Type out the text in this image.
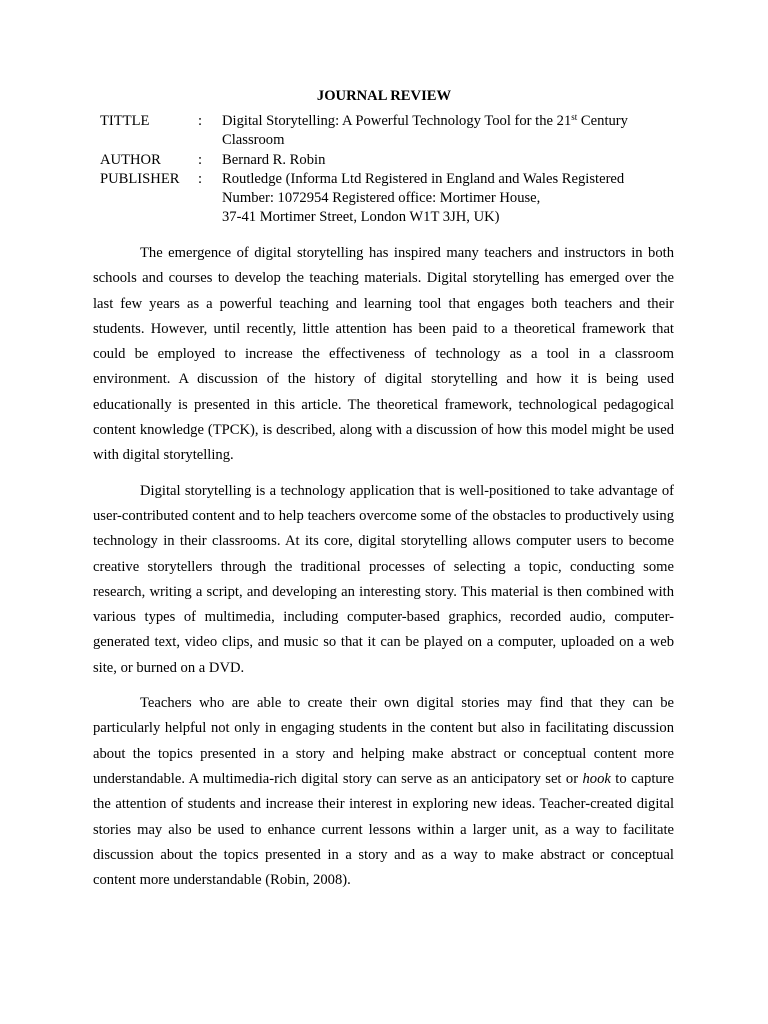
JOURNAL REVIEW
TITTLE	:	Digital Storytelling: A Powerful Technology Tool for the 21st Century Classroom
AUTHOR	:	Bernard R. Robin
PUBLISHER	:	Routledge (Informa Ltd Registered in England and Wales Registered Number: 1072954 Registered office: Mortimer House,
37-41 Mortimer Street, London W1T 3JH, UK)

The emergence of digital storytelling has inspired many teachers and instructors in both schools and courses to develop the teaching materials. Digital storytelling has emerged over the last few years as a powerful teaching and learning tool that engages both teachers and their students. However, until recently, little attention has been paid to a theoretical framework that could be employed to increase the effectiveness of technology as a tool in a classroom environment. A discussion of the history of digital storytelling and how it is being used educationally is presented in this article. The theoretical framework, technological pedagogical content knowledge (TPCK), is described, along with a discussion of how this model might be used with digital storytelling.

Digital storytelling is a technology application that is well-positioned to take advantage of user-contributed content and to help teachers overcome some of the obstacles to productively using technology in their classrooms. At its core, digital storytelling allows computer users to become creative storytellers through the traditional processes of selecting a topic, conducting some research, writing a script, and developing an interesting story. This material is then combined with various types of multimedia, including computer-based graphics, recorded audio, computer-generated text, video clips, and music so that it can be played on a computer, uploaded on a web site, or burned on a DVD.

Teachers who are able to create their own digital stories may find that they can be particularly helpful not only in engaging students in the content but also in facilitating discussion about the topics presented in a story and helping make abstract or conceptual content more understandable. A multimedia-rich digital story can serve as an anticipatory set or hook to capture the attention of students and increase their interest in exploring new ideas. Teacher-created digital stories may also be used to enhance current lessons within a larger unit, as a way to facilitate discussion about the topics presented in a story and as a way to make abstract or conceptual content more understandable (Robin, 2008).
